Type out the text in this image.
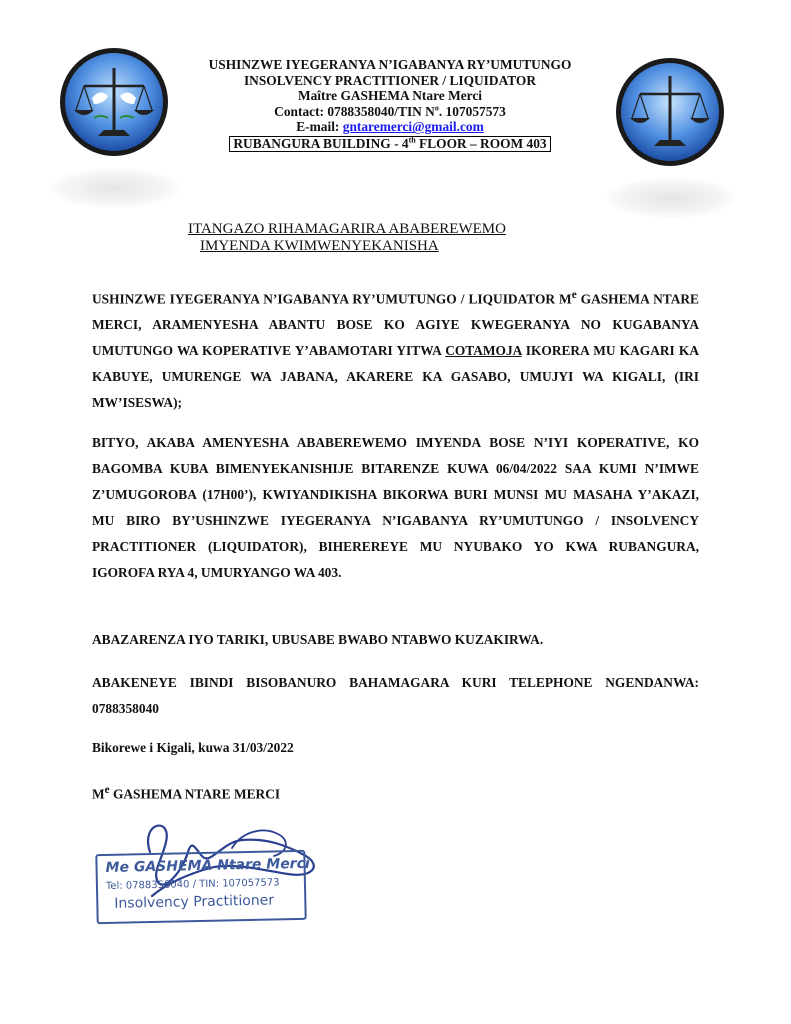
USHINZWE IYEGERANYA N’IGABANYA RY’UMUTUNGO
INSOLVENCY PRACTITIONER / LIQUIDATOR
Maître GASHEMA Ntare Merci
Contact: 0788358040/TIN $N^o$. 107057573
E-mail: gntaremerci@gmail.com
RUBANGURA BUILDING - 4th FLOOR – ROOM 403
ITANGAZO RIHAMAGARIRA ABABEREWEMO
IMYENDA KWIMWENYEKANISHA

USHINZWE IYEGERANYA N’IGABANYA RY’UMUTUNGO / LIQUIDATOR Me GASHEMA NTARE MERCI, ARAMENYESHA ABANTU BOSE KO AGIYE KWEGERANYA NO KUGABANYA UMUTUNGO WA KOPERATIVE Y’ABAMOTARI YITWA COTAMOJA IKORERA MU KAGARI KA KABUYE, UMURENGE WA JABANA, AKARERE KA GASABO, UMUJYI WA KIGALI, (IRI MW’ISESWA);

BITYO, AKABA AMENYESHA ABABEREWEMO IMYENDA BOSE N’IYI KOPERATIVE, KO BAGOMBA KUBA BIMENYEKANISHIJE BITARENZE KUWA 06/04/2022 SAA KUMI N’IMWE Z’UMUGOROBA (17H00’), KWIYANDIKISHA BIKORWA BURI MUNSI MU MASAHA Y’AKAZI, MU BIRO BY’USHINZWE IYEGERANYA N’IGABANYA RY’UMUTUNGO / INSOLVENCY PRACTITIONER (LIQUIDATOR), BIHEREREYE MU NYUBAKO YO KWA RUBANGURA, IGOROFA RYA 4, UMURYANGO WA 403.

ABAZARENZA IYO TARIKI, UBUSABE BWABO NTABWO KUZAKIRWA.

ABAKENEYE IBINDI BISOBANURO BAHAMAGARA KURI TELEPHONE NGENDANWA: 0788358040

Bikorewe i Kigali, kuwa 31/03/2022

Me GASHEMA NTARE MERCI

Me GASHEMA Ntare Merci
Tel: 0788358040 / TIN: 107057573
Insolvency Practitioner
